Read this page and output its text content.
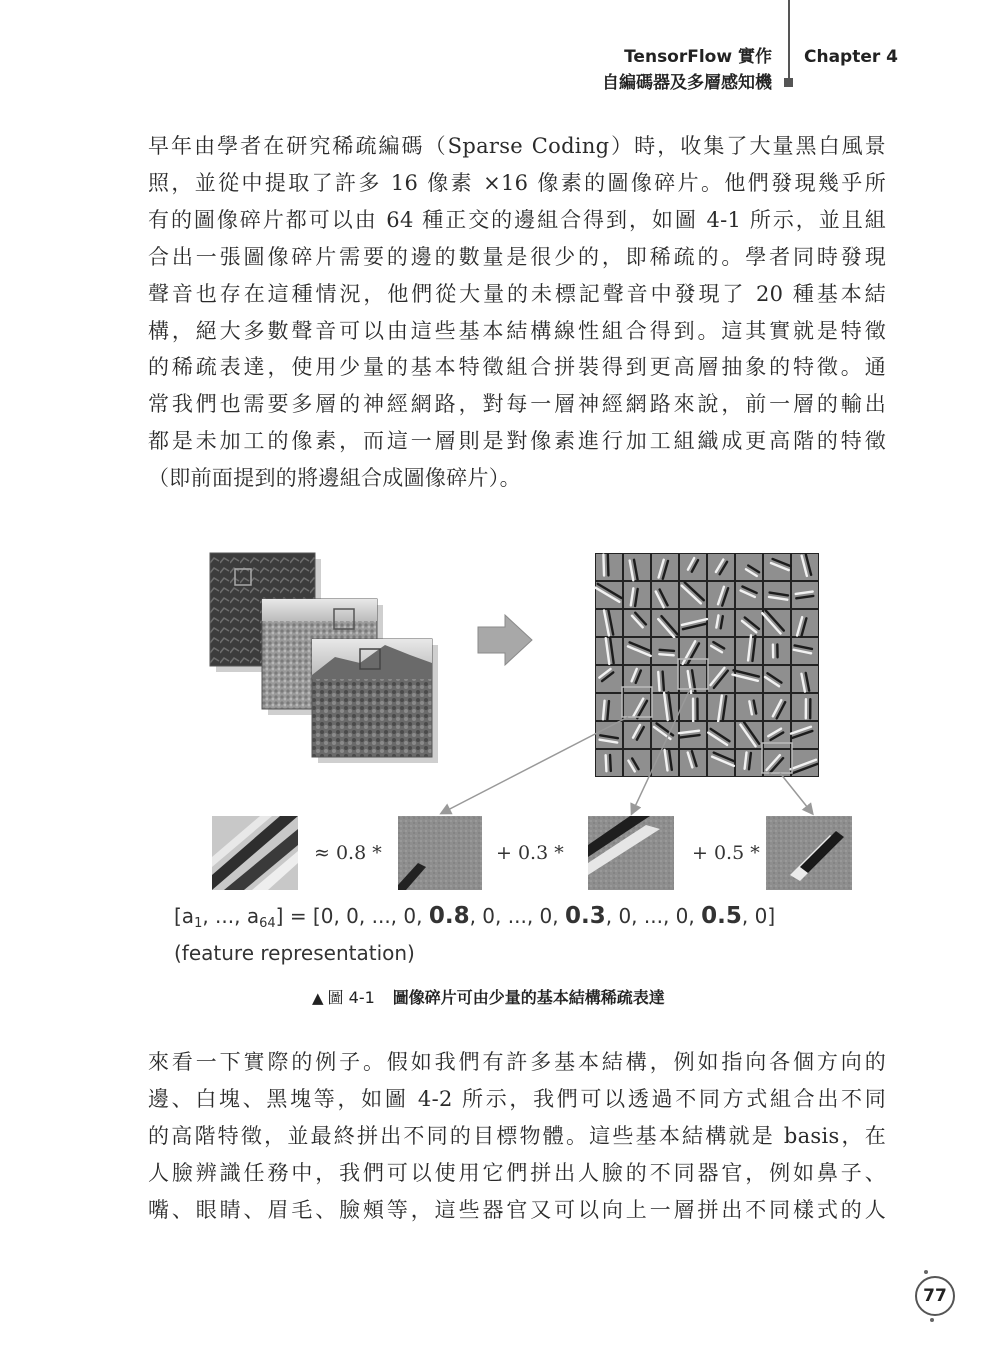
TensorFlow 實作
自編碼器及多層感知機
Chapter 4
早年由學者在研究稀疏編碼（Sparse Coding）時，收集了大量黑白風景
照，並從中提取了許多 16 像素 ×16 像素的圖像碎片。他們發現幾乎所
有的圖像碎片都可以由 64 種正交的邊組合得到，如圖 4-1 所示，並且組
合出一張圖像碎片需要的邊的數量是很少的，即稀疏的。學者同時發現
聲音也存在這種情況，他們從大量的未標記聲音中發現了 20 種基本結
構，絕大多數聲音可以由這些基本結構線性組合得到。這其實就是特徵
的稀疏表達，使用少量的基本特徵組合拼裝得到更高層抽象的特徵。通
常我們也需要多層的神經網路，對每一層神經網路來說，前一層的輸出
都是未加工的像素，而這一層則是對像素進行加工組織成更高階的特徵
（即前面提到的將邊組合成圖像碎片）。
≈ 0.8 *	+ 0.3 *	+ 0.5 *
[$a_1$, ..., $a_{64}] = [0$, 0, ..., 0, 0.8, 0, ..., 0, 0.3, 0, ..., 0, 0.5, 0]
(feature representation)
▲ 圖 4-1 圖像碎片可由少量的基本結構稀疏表達
來看一下實際的例子。假如我們有許多基本結構，例如指向各個方向的
邊、白塊、黑塊等，如圖 4-2 所示，我們可以透過不同方式組合出不同
的高階特徵，並最終拼出不同的目標物體。這些基本結構就是 basis，在
人臉辨識任務中，我們可以使用它們拼出人臉的不同器官，例如鼻子、
嘴、眼睛、眉毛、臉頰等，這些器官又可以向上一層拼出不同樣式的人
77
